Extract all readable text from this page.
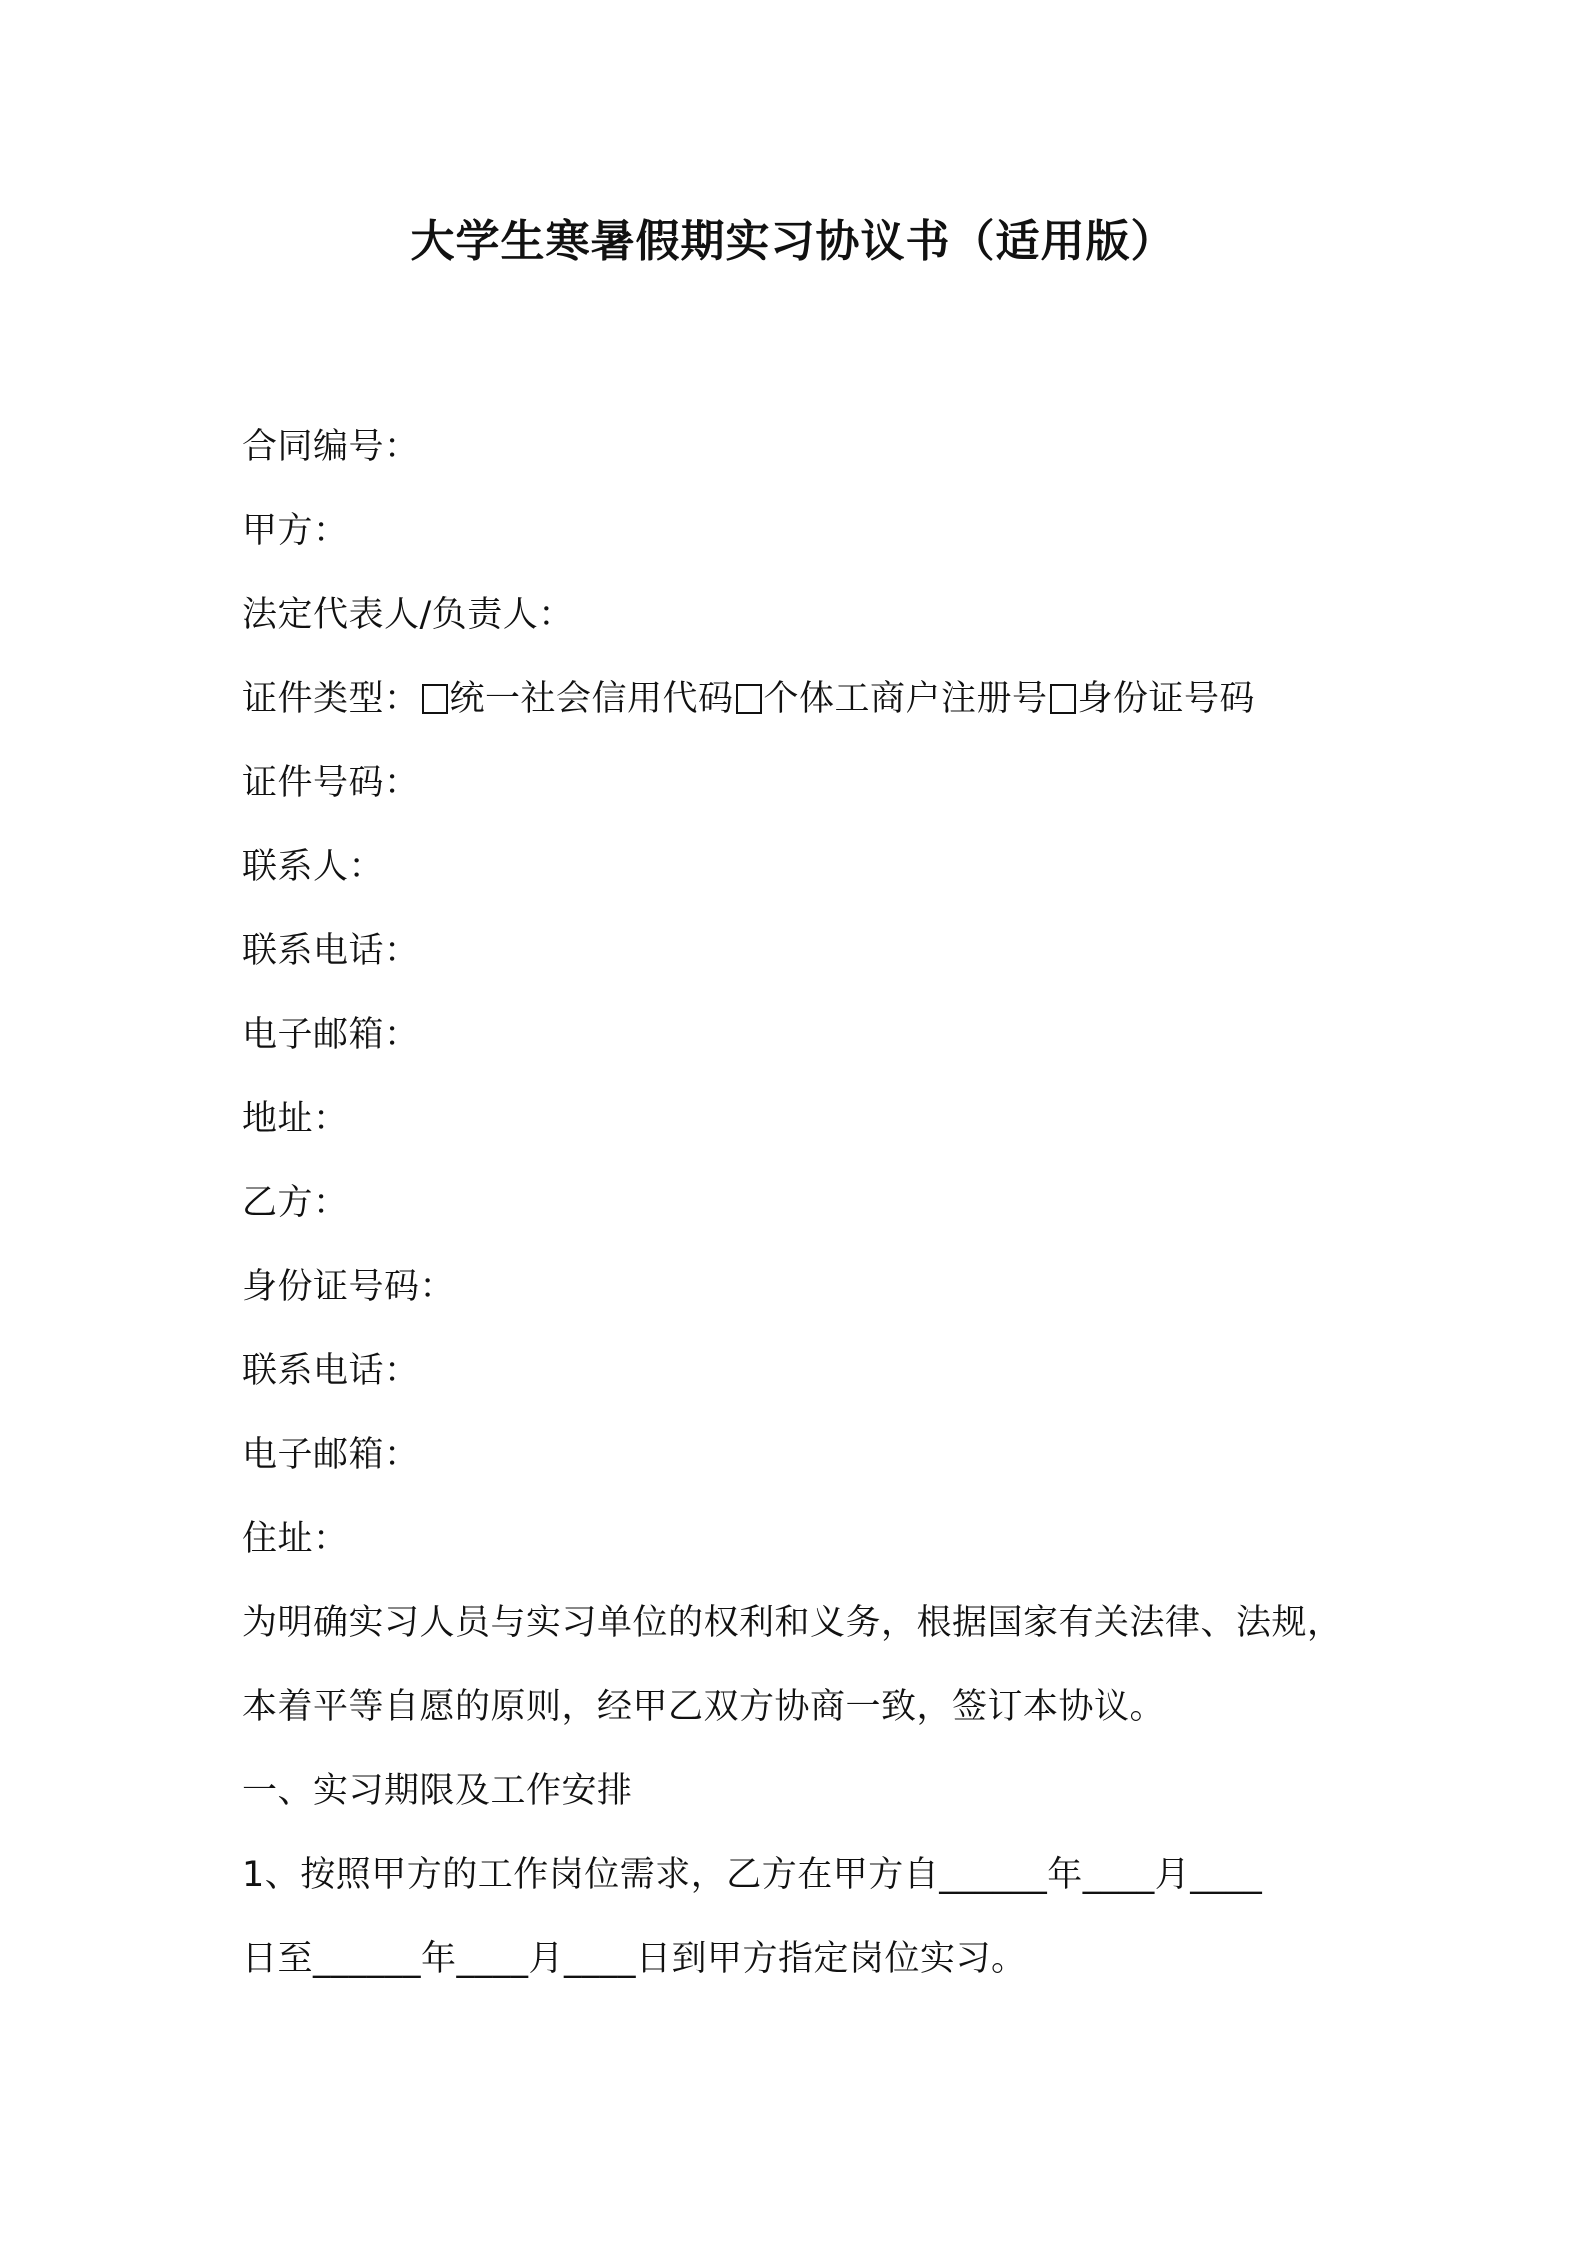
大学生寒暑假期实习协议书（适用版）
合同编号：
甲方：
法定代表人/负责人：
证件类型： 统一社会信用代码 个体工商户注册号 身份证号码
证件号码：
联系人：
联系电话：
电子邮箱：
地址：
乙方：
身份证号码：
联系电话：
电子邮箱：
住址：
为明确实习人员与实习单位的权利和义务，根据国家有关法律、法规，
本着平等自愿的原则，经甲乙双方协商一致，签订本协议。
一、实习期限及工作安排
1、按照甲方的工作岗位需求，乙方在甲方自______年____月____
日至______年____月____日到甲方指定岗位实习。
